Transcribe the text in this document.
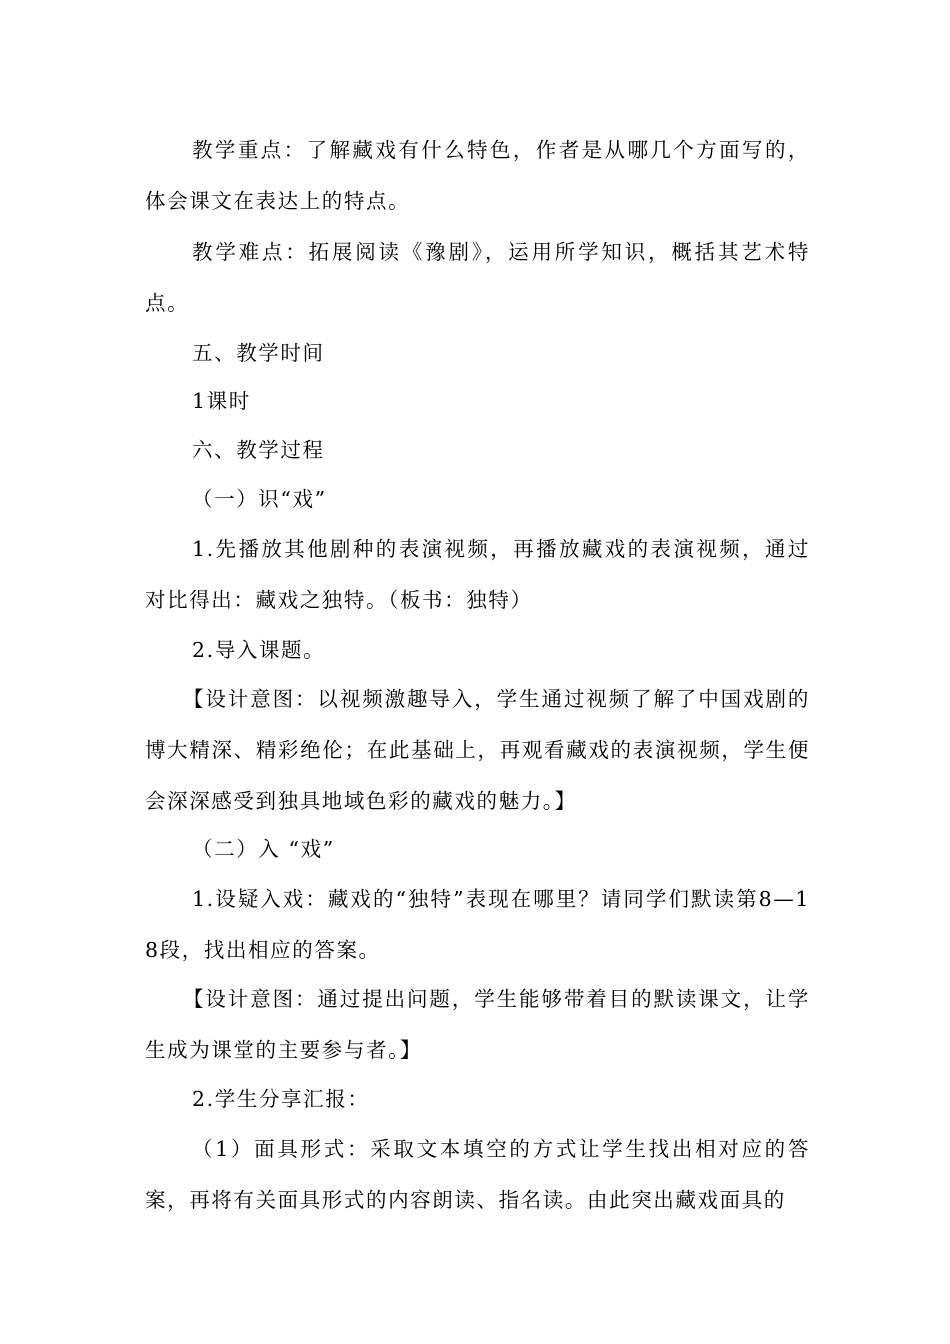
教学重点：了解藏戏有什么特色，作者是从哪几个方面写的，体会课文在表达上的特点。

教学难点：拓展阅读《豫剧》，运用所学知识，概括其艺术特点。

五、教学时间

1课时

六、教学过程

（一）识“戏”

1.先播放其他剧种的表演视频，再播放藏戏的表演视频，通过对比得出：藏戏之独特。（板书：独特）

2.导入课题。

【设计意图：以视频激趣导入，学生通过视频了解了中国戏剧的博大精深、精彩绝伦；在此基础上，再观看藏戏的表演视频，学生便会深深感受到独具地域色彩的藏戏的魅力。】

（二）入 “戏”

1.设疑入戏：藏戏的“独特”表现在哪里？请同学们默读第8—18段，找出相应的答案。

【设计意图：通过提出问题，学生能够带着目的默读课文，让学生成为课堂的主要参与者。】

2.学生分享汇报：

（1）面具形式：采取文本填空的方式让学生找出相对应的答案，再将有关面具形式的内容朗读、指名读。由此突出藏戏面具的
